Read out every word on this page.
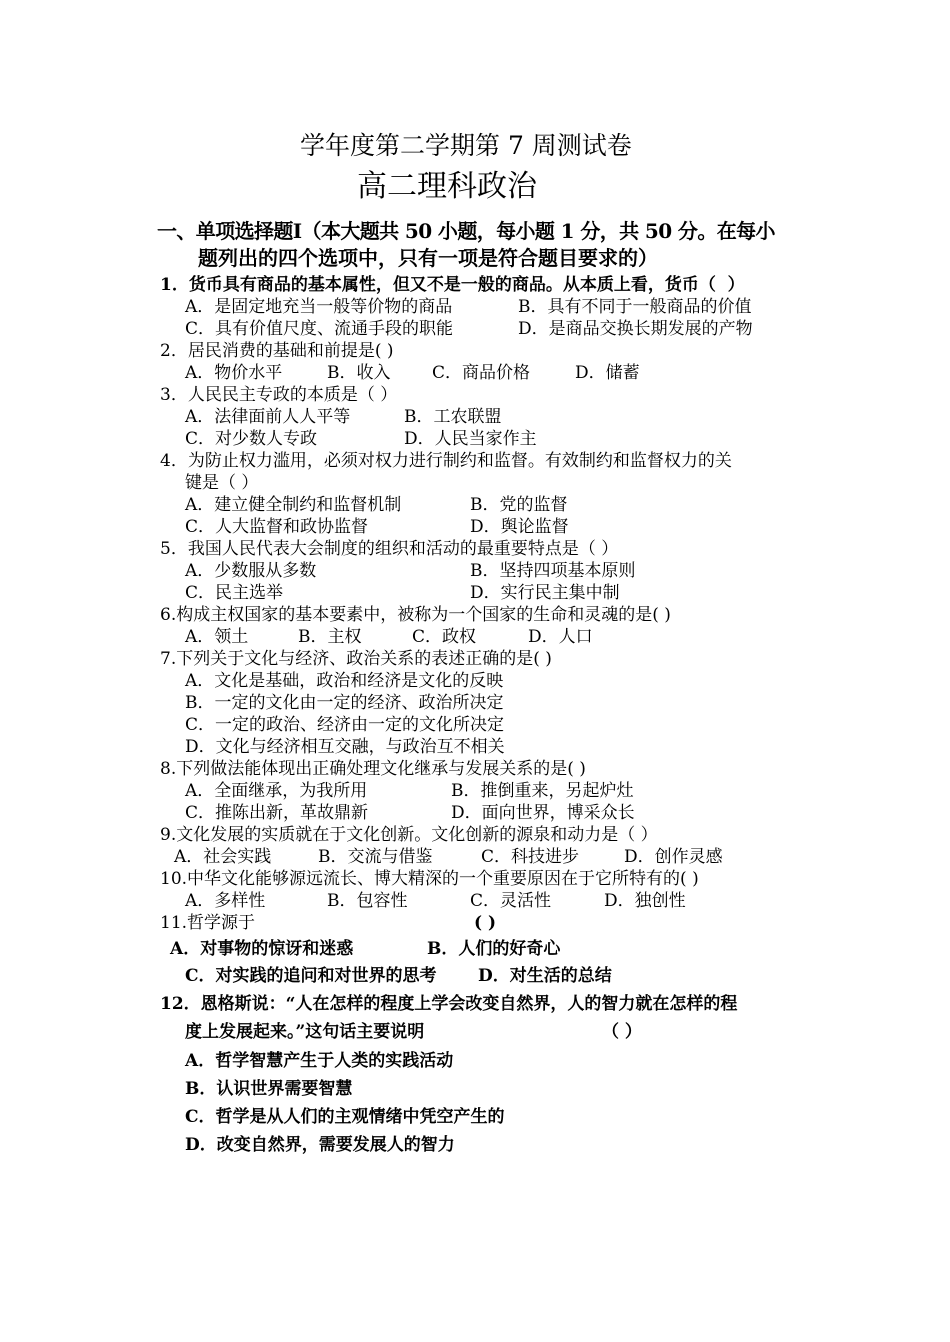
学年度第二学期第 7 周测试卷
高二理科政治
一、单项选择题Ⅰ（本大题共 50 小题，每小题 1 分，共 50 分。在每小
题列出的四个选项中，只有一项是符合题目要求的）
1．货币具有商品的基本属性，但又不是一般的商品。从本质上看，货币（  ）
A．是固定地充当一般等价物的商品	B．具有不同于一般商品的价值
C．具有价值尺度、流通手段的职能	D．是商品交换长期发展的产物
2．居民消费的基础和前提是( )
A．物价水平	B．收入 C．商品价格	D．储蓄
3．人民民主专政的本质是（ ）
A．法律面前人人平等	B．工农联盟
C．对少数人专政	D．人民当家作主
4．为防止权力滥用，必须对权力进行制约和监督。有效制约和监督权力的关
键是（ ）
A．建立健全制约和监督机制	B．党的监督
C．人大监督和政协监督	D．舆论监督
5．我国人民代表大会制度的组织和活动的最重要特点是（ ）
A．少数服从多数	B．坚持四项基本原则
C．民主选举	D．实行民主集中制
6.构成主权国家的基本要素中，被称为一个国家的生命和灵魂的是( )
A．领土	B．主权	C．政权	D．人口
7.下列关于文化与经济、政治关系的表述正确的是( )
A．文化是基础，政治和经济是文化的反映
B．一定的文化由一定的经济、政治所决定
C．一定的政治、经济由一定的文化所决定
D．文化与经济相互交融，与政治互不相关
8.下列做法能体现出正确处理文化继承与发展关系的是( )
A．全面继承，为我所用	B．推倒重来，另起炉灶
C．推陈出新，革故鼎新	D．面向世界，博采众长
9.文化发展的实质就在于文化创新。文化创新的源泉和动力是（ ）
A．社会实践	B．交流与借鉴	C．科技进步	D．创作灵感
10.中华文化能够源远流长、博大精深的一个重要原因在于它所特有的( )
A．多样性	B．包容性	C．灵活性	D．独创性
11.哲学源于	( )
A．对事物的惊讶和迷惑	B．人们的好奇心
C．对实践的追问和对世界的思考 D．对生活的总结
12．恩格斯说：“人在怎样的程度上学会改变自然界，人的智力就在怎样的程
度上发展起来。”这句话主要说明	（ ）
A．哲学智慧产生于人类的实践活动
B．认识世界需要智慧
C．哲学是从人们的主观情绪中凭空产生的
D．改变自然界，需要发展人的智力
